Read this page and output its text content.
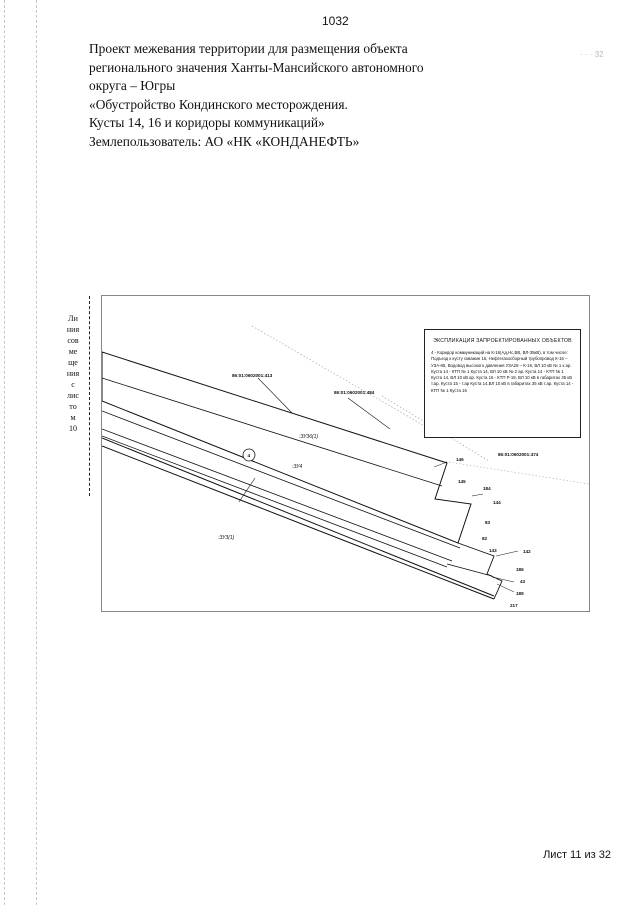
1032
· · · 32
Проект межевания территории для размещения объекта
регионального значения Ханты-Мансийского автономного
округа – Югры
«Обустройство Кондинского месторождения.
Кусты 14, 16 и коридоры коммуникаций»
Землепользователь: АО «НК «КОНДАНЕФТЬ»
Ли
ния
сов
ме
ще
ния
с
лис
то
м
10
86:01:0602001:413
86:01:0602001:484
86:01:0602001:474
:ЗУ36(1)
:ЗУ4
:ЗУ3(1)
4
146
145
184
144
83
82
143	142
186
43
189
217
ЭКСПЛИКАЦИЯ ЗАПРОЕКТИРОВАННЫХ ОБЪЕКТОВ
4 - Коридор коммуникаций на К-16(Ад,Нс,ВВ, ВЛ-35кВ), в том числе: Подъезд к кусту скважин 16, Нефтегазосборный трубопровод К-16 – УЗА-85, Водовод высокого давления УЗА28 – К-16, ВЛ 10 кВ № 1 к ар. Куста 14 - КТП № 1 Куста 14, ВЛ 10 кВ № 2 ар. Куста 14 - КТП № 1 Куста 14, ВЛ 10 кВ ар. Куста 16 - КТП Р-18, ВЛ 10 кВ в габаритах 35 кВ т.ар. Куста 15 - т.ар Куста 14,ВЛ 10 кВ в габаритах 35 кВ т.ар. Куста 14 - КТП № 1 Куста 16
Лист 11 из 32
